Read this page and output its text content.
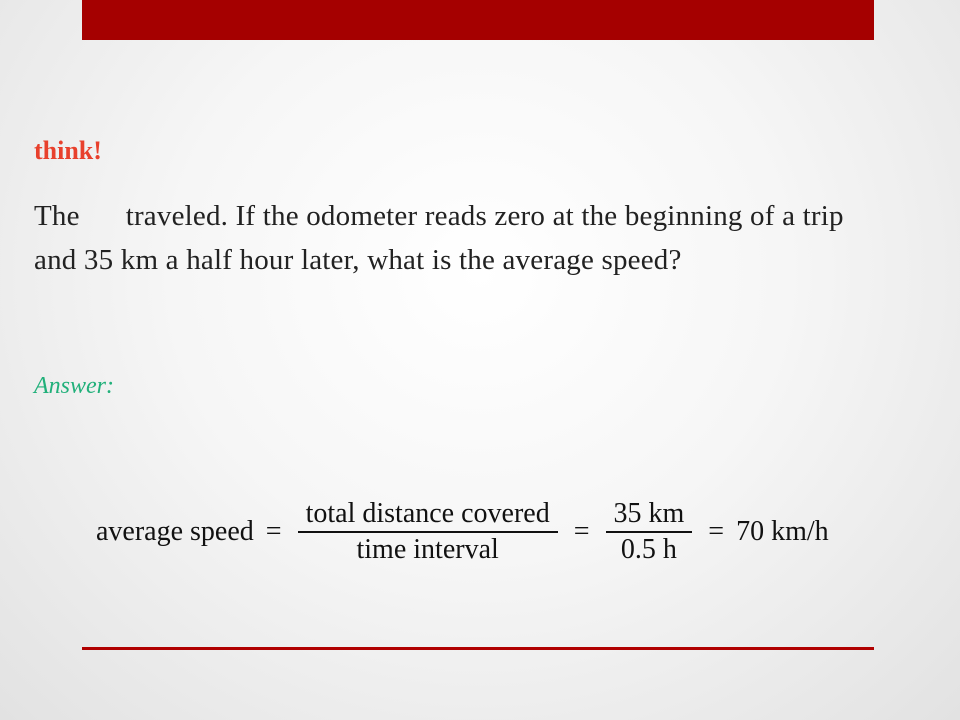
think!
The traveled. If the odometer reads zero at the beginning of a trip and 35 km a half hour later, what is the average speed?
Answer:
average speed = $\frac{\text{total distance covered}}{\text{time interval}} = \frac{35 km}{0.5 h} = 70$ km/h
